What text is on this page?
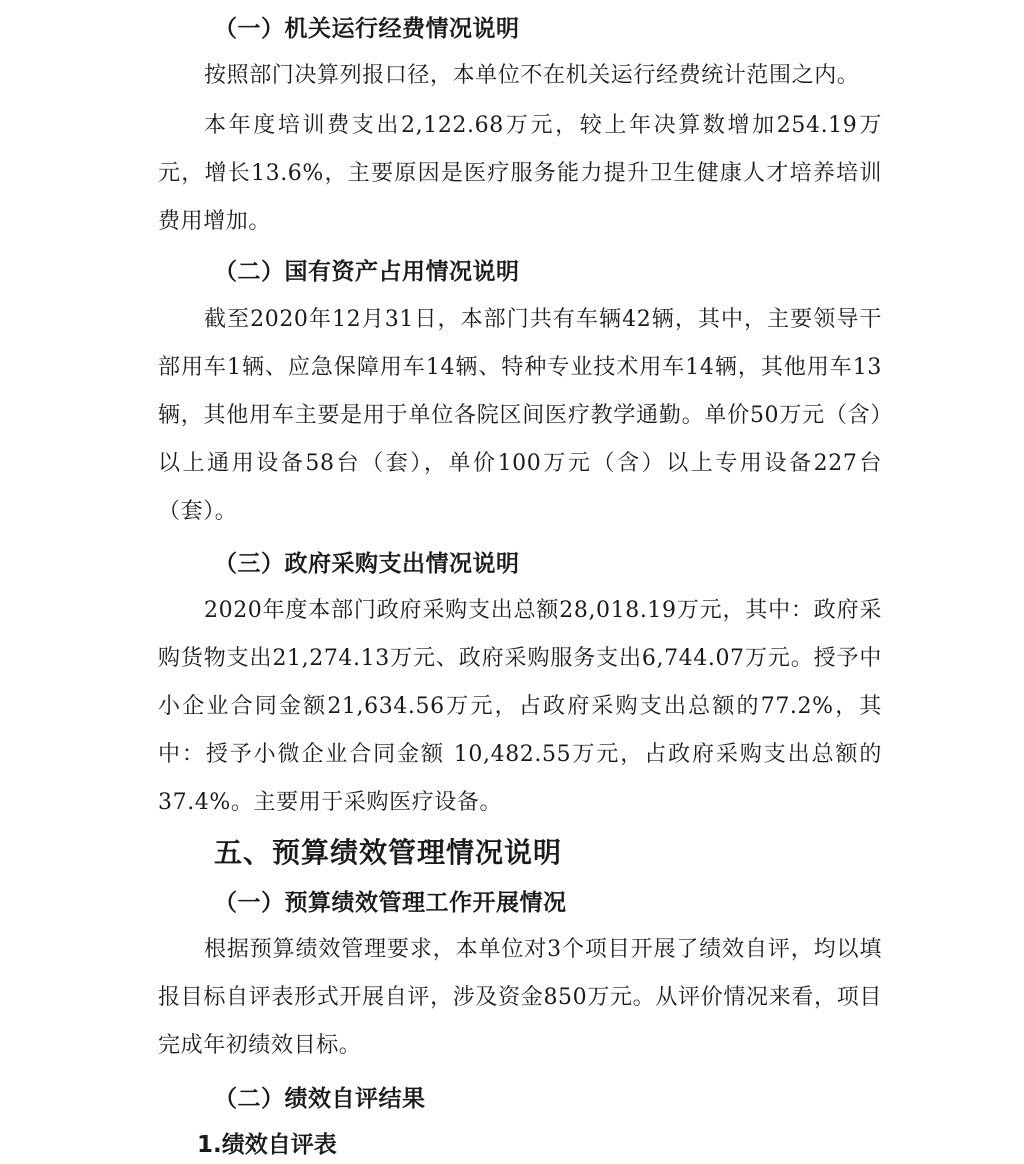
（一）机关运行经费情况说明

按照部门决算列报口径，本单位不在机关运行经费统计范围之内。

本年度培训费支出2,122.68万元，较上年决算数增加254.19万元，增长13.6%，主要原因是医疗服务能力提升卫生健康人才培养培训费用增加。

（二）国有资产占用情况说明

截至2020年12月31日，本部门共有车辆42辆，其中，主要领导干部用车1辆、应急保障用车14辆、特种专业技术用车14辆，其他用车13辆，其他用车主要是用于单位各院区间医疗教学通勤。单价50万元（含）以上通用设备58台（套），单价100万元（含）以上专用设备227台（套）。

（三）政府采购支出情况说明

2020年度本部门政府采购支出总额28,018.19万元，其中：政府采购货物支出21,274.13万元、政府采购服务支出6,744.07万元。授予中小企业合同金额21,634.56万元，占政府采购支出总额的77.2%，其中：授予小微企业合同金额 10,482.55万元，占政府采购支出总额的37.4%。主要用于采购医疗设备。

五、预算绩效管理情况说明
（一）预算绩效管理工作开展情况

根据预算绩效管理要求，本单位对3个项目开展了绩效自评，均以填报目标自评表形式开展自评，涉及资金850万元。从评价情况来看，项目完成年初绩效目标。

（二）绩效自评结果
1.绩效自评表
